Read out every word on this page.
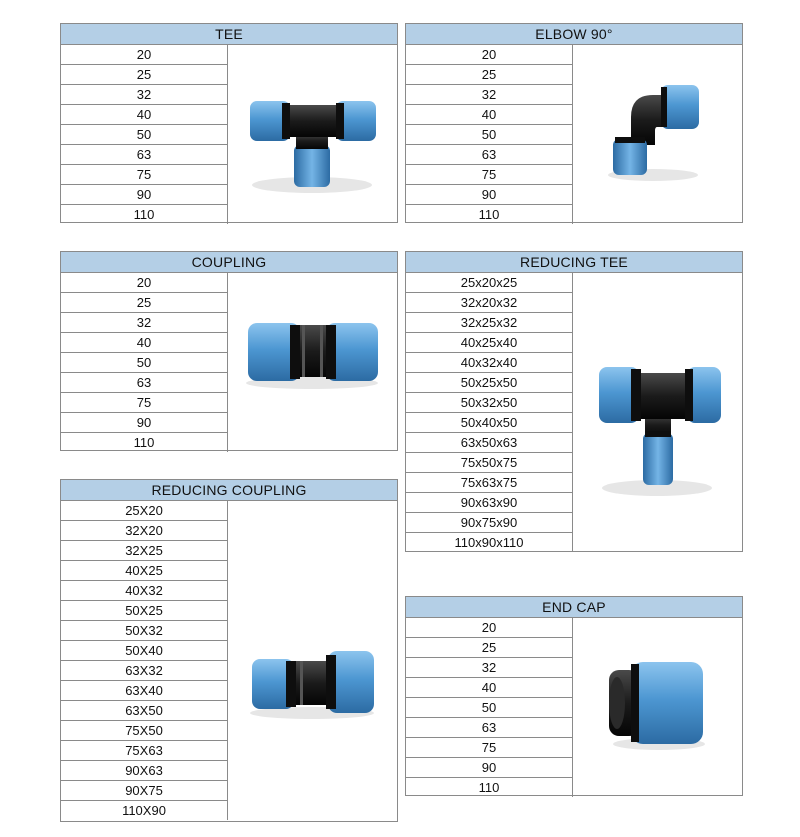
TEE
20
25
32
40
50
63
75
90
110
ELBOW 90°
20
25
32
40
50
63
75
90
110
COUPLING
20
25
32
40
50
63
75
90
110
REDUCING TEE
25x20x25
32x20x32
32x25x32
40x25x40
40x32x40
50x25x50
50x32x50
50x40x50
63x50x63
75x50x75
75x63x75
90x63x90
90x75x90
110x90x110
REDUCING COUPLING
25X20
32X20
32X25
40X25
40X32
50X25
50X32
50X40
63X32
63X40
63X50
75X50
75X63
90X63
90X75
110X90
END CAP
20
25
32
40
50
63
75
90
110
